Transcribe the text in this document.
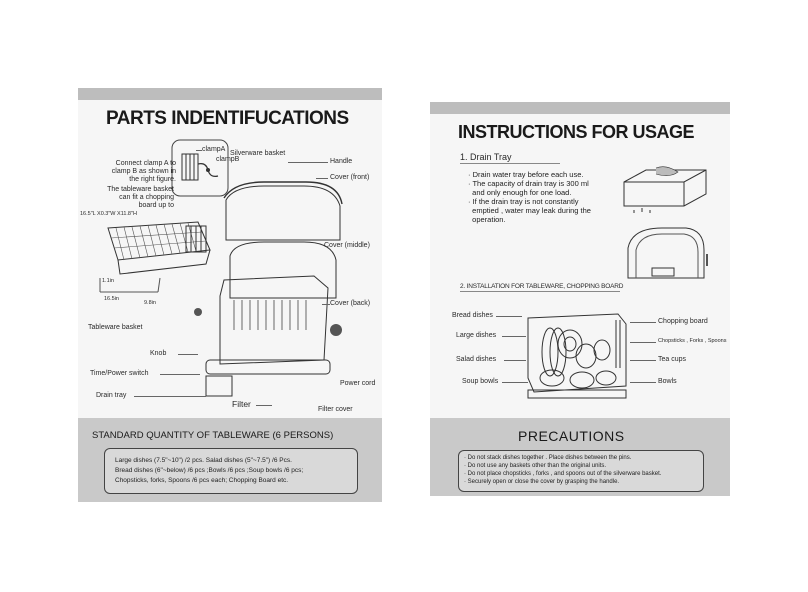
PARTS INDENTIFUCATIONS
Connect clamp A to
clamp B as shown in
the right figure.
The tableware basket
can fit a chopping
board up to
16.5"L X0.3"W X11.8"H
clampA
clampB
Silverware basket
Handle
Cover (front)
1.1in
16.5in
9.8in
Tableware basket
Cover (middle)
Cover (back)
Knob
Time/Power switch
Power cord
Drain tray
Filter
Filter cover
STANDARD QUANTITY OF TABLEWARE (6 PERSONS)
Large dishes (7.5"~10") /2 pcs. Salad dishes (5"~7.5") /6 Pcs.
Bread dishes (6"~below) /6 pcs ;Bowls /6 pcs ;Soup bowls /6 pcs;
Chopsticks, forks, Spoons /6 pcs each; Chopping Board etc.
INSTRUCTIONS FOR USAGE
1. Drain Tray
· Drain water tray before each use.
· The capacity of drain tray is 300 ml
and only enough for one load.
· If the drain tray is not constantly
emptied , water may leak during the
operation.
2. INSTALLATION FOR TABLEWARE, CHOPPING BOARD
Bread dishes
Large dishes
Salad dishes
Soup bowls
Chopping board
Chopsticks , Forks , Spoons
Tea cups
Bowls
PRECAUTIONS
· Do not stack dishes together . Place dishes between the pins.
· Do not use any baskets other than the original units.
· Do not place chopsticks , forks , and spoons out of the silverware basket.
· Securely open or close the cover by grasping the handle.
